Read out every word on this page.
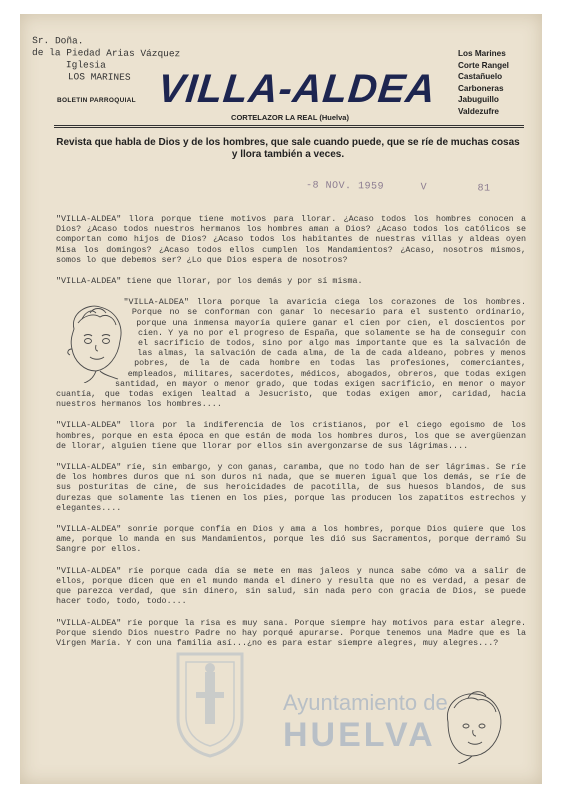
Sr. Doña.
de la Piedad Arias Vázquez
Iglesia
LOS MARINES
BOLETIN PARROQUIAL VILLA-ALDEA
CORTELAZOR LA REAL (Huelva)
Los Marines
Corte Rangel
Castañuelo
Carboneras
Jabuguillo
Valdezufre
Revista que habla de Dios y de los hombres, que sale cuando puede, que se ríe de muchas cosas y llora también a veces.
-8 NOV. 1959	V	81

"VILLA-ALDEA" llora porque tiene motivos para llorar. ¿Acaso todos los hombres conocen a Dios? ¿Acaso todos nuestros hermanos los hombres aman a Dios? ¿Acaso todos los católicos se comportan como hijos de Dios? ¿Acaso todos los habitantes de nuestras villas y aldeas oyen Misa los domingos? ¿Acaso todos ellos cumplen los Mandamientos? ¿Acaso, nosotros mismos, somos lo que debemos ser? ¿Lo que Dios espera de nosotros?

"VILLA-ALDEA" tiene que llorar, por los demás y por sí misma.

"VILLA-ALDEA" llora porque la avaricia ciega los corazones de los hombres. Porque no se conforman con ganar lo necesario para el sustento ordinario, porque una inmensa mayoría quiere ganar el cien por cien, el doscientos por cien. Y ya no por el progreso de España, que solamente se ha de conseguir con el sacrificio de todos, sino por algo mas importante que es la salvación de las almas, la salvación de cada alma, de la de cada aldeano, pobres y menos pobres, de la de cada hombre en todas las profesiones, comerciantes, empleados, militares, sacerdotes, médicos, abogados, obreros, que todas exigen santidad, en mayor o menor grado, que todas exigen sacrificio, en menor o mayor cuantía, que todas exigen lealtad a Jesucristo, que todas exigen amor, caridad, hacia nuestros hermanos los hombres....

"VILLA-ALDEA" llora por la indiferencia de los cristianos, por el ciego egoismo de los hombres, porque en esta época en que están de moda los hombres duros, los que se avergüenzan de llorar, alguien tiene que llorar por ellos sin avergonzarse de sus lágrimas....

"VILLA-ALDEA" ríe, sin embargo, y con ganas, caramba, que no todo han de ser lágrimas. Se ríe de los hombres duros que ni son duros ni nada, que se mueren igual que los demás, se ríe de sus posturitas de cine, de sus heroicidades de pacotilla, de sus huesos blandos, de sus durezas que solamente las tienen en los pies, porque las producen los zapatitos estrechos y elegantes....

"VILLA-ALDEA" sonríe porque confía en Dios y ama a los hombres, porque Dios quiere que los ame, porque lo manda en sus Mandamientos, porque les dió sus Sacramentos, porque derramó Su Sangre por ellos.

"VILLA-ALDEA" ríe porque cada día se mete en mas jaleos y nunca sabe cómo va a salir de ellos, porque dicen que en el mundo manda el dinero y resulta que no es verdad, a pesar de que parezca verdad, que sin dinero, sin salud, sin nada pero con gracia de Dios, se puede hacer todo, todo, todo....

"VILLA-ALDEA" ríe porque la risa es muy sana. Porque siempre hay motivos para estar alegre. Porque siendo Dios nuestro Padre no hay porqué apurarse. Porque tenemos una Madre que es la Virgen María. Y con una familia así...¿no es para estar siempre alegres, muy alegres...?

Ayuntamiento de
HUELVA
